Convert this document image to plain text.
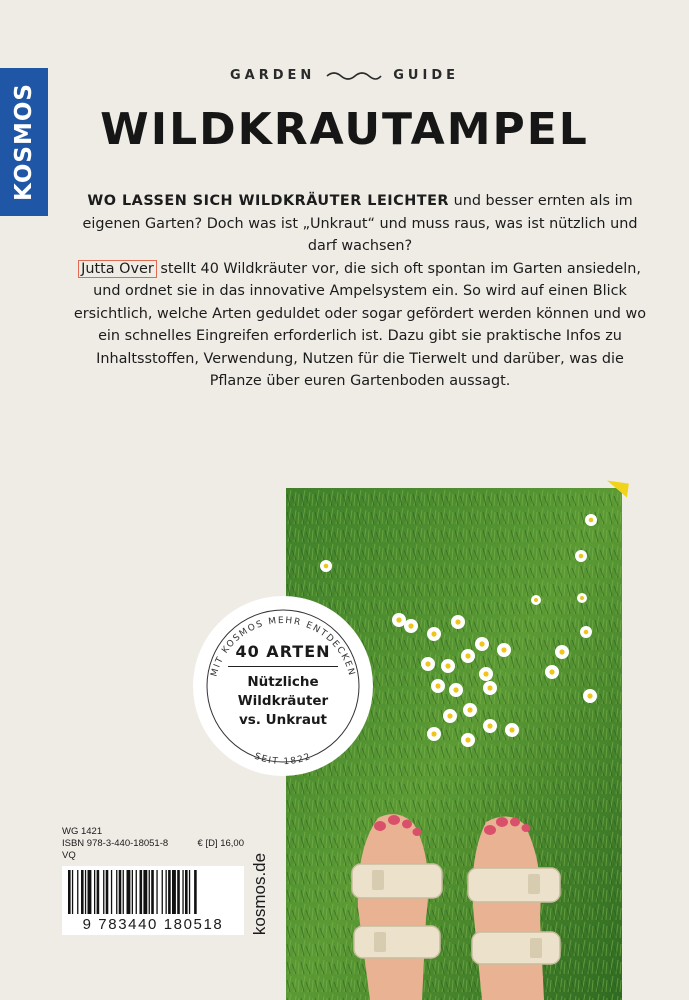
KOSMOS
GARDEN	GUIDE
WILDKRAUTAMPEL
WO LASSEN SICH WILDKRÄUTER LEICHTER und besser ernten als im eigenen Garten? Doch was ist „Unkraut“ und muss raus, was ist nützlich und darf wachsen?
Jutta Over stellt 40 Wildkräuter vor, die sich oft spontan im Garten ansiedeln, und ordnet sie in das innovative Ampelsystem ein. So wird auf einen Blick ersichtlich, welche Arten geduldet oder sogar gefördert werden können und wo ein schnelles Eingreifen erforderlich ist. Dazu gibt sie praktische Infos zu Inhaltsstoffen, Verwendung, Nutzen für die Tierwelt und darüber, was die Pflanze über euren Gartenboden aussagt.
MIT KOSMOS MEHR ENTDECKEN
SEIT 1822
40 ARTEN
Nützliche
Wildkräuter
vs. Unkraut
WG 1421
ISBN 978-3-440-18051-8	€ [D] 16,00
VQ
9 783440 180518	kosmos.de
